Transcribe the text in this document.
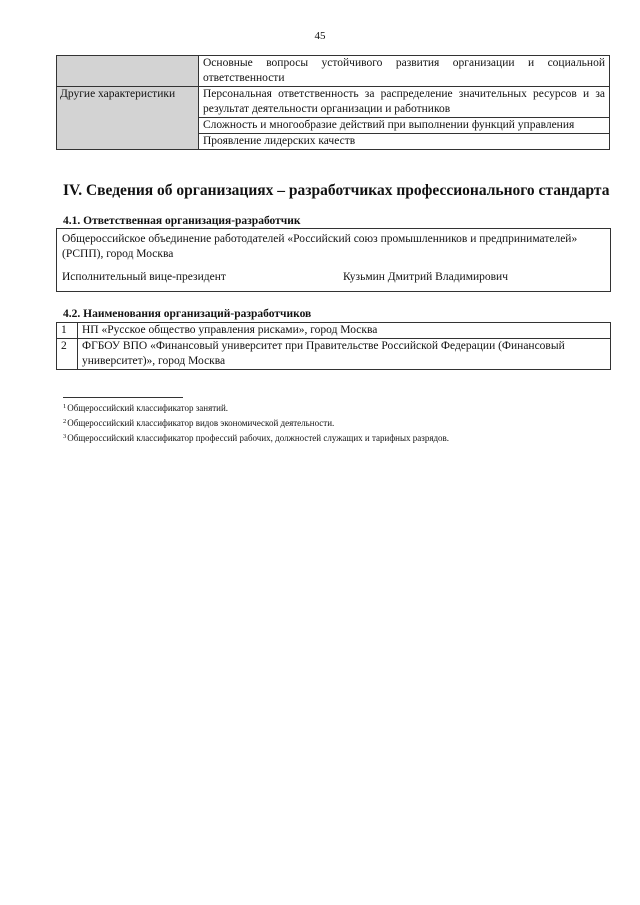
45
	Основные вопросы устойчивого развития организации и социальной ответственности
Другие характеристики	Персональная ответственность за распределение значительных ресурсов и за результат деятельности организации и работников
	Сложность и многообразие действий при выполнении функций управления
	Проявление лидерских качеств
IV. Сведения об организациях – разработчиках профессионального стандарта
4.1. Ответственная организация-разработчик
Общероссийское объединение работодателей «Российский союз промышленников и предпринимателей» (РСПП), город Москва
Исполнительный вице-президент	Кузьмин Дмитрий Владимирович
4.2. Наименования организаций-разработчиков
1	НП «Русское общество управления рисками», город Москва
2	ФГБОУ ВПО «Финансовый университет при Правительстве Российской Федерации (Финансовый университет)», город Москва
$^1$Общероссийский классификатор занятий.
$^2$Общероссийский классификатор видов экономической деятельности.
$^3$Общероссийский классификатор профессий рабочих, должностей служащих и тарифных разрядов.
